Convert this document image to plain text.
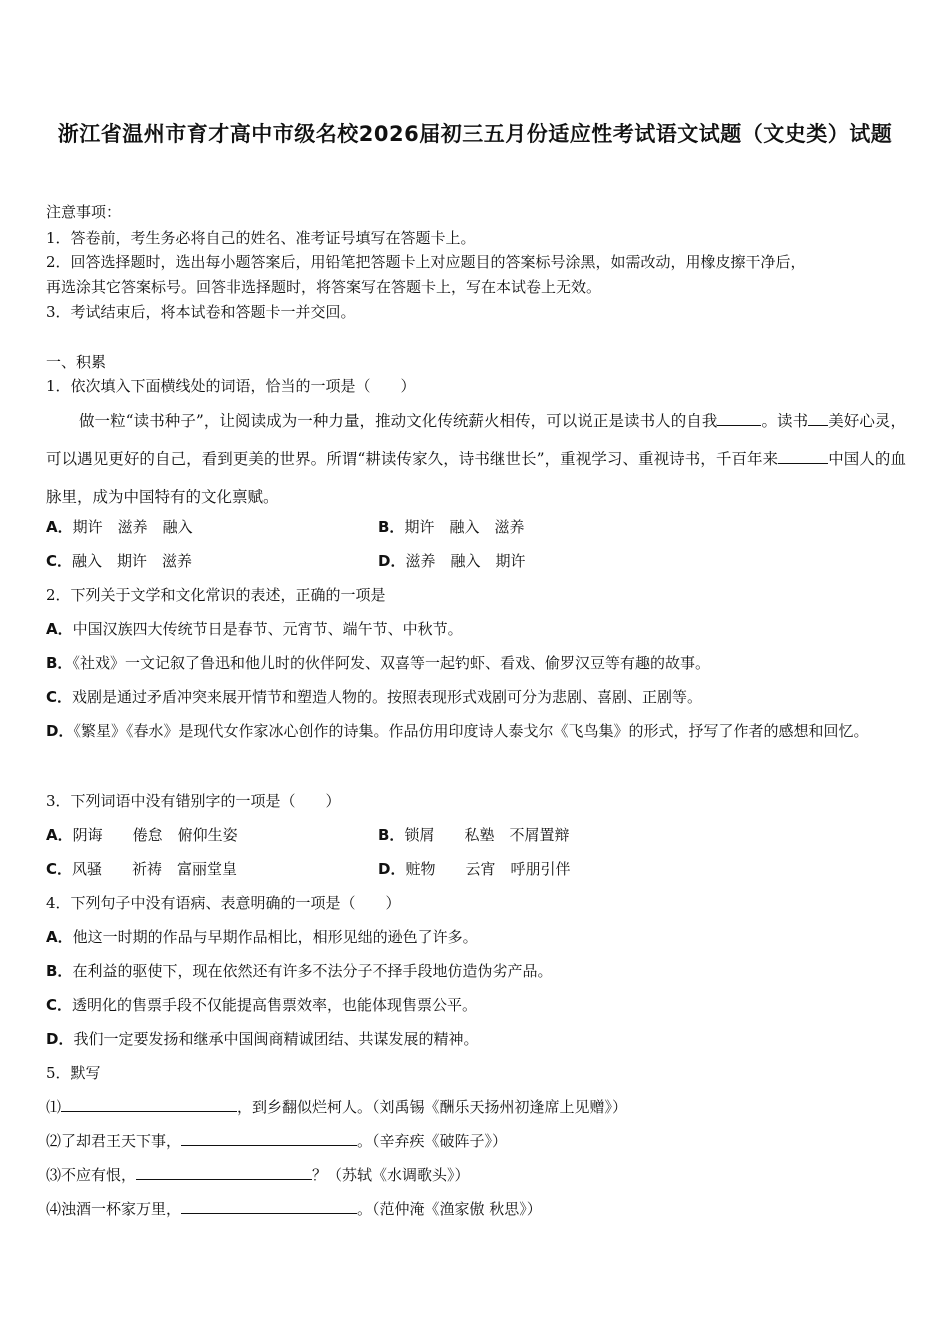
浙江省温州市育才高中市级名校2026届初三五月份适应性考试语文试题（文史类）试题
注意事项：
1．答卷前，考生务必将自己的姓名、准考证号填写在答题卡上。
2．回答选择题时，选出每小题答案后，用铅笔把答题卡上对应题目的答案标号涂黑，如需改动，用橡皮擦干净后，
再选涂其它答案标号。回答非选择题时，将答案写在答题卡上，写在本试卷上无效。
3．考试结束后，将本试卷和答题卡一并交回。
一、积累
1．依次填入下面横线处的词语，恰当的一项是（　　）
做一粒“读书种子”，让阅读成为一种力量，推动文化传统薪火相传，可以说正是读书人的自我	。读书 美好心灵，可以遇见更好的自己，看到更美的世界。所谓“耕读传家久，诗书继世长”，重视学习、重视诗书，千百年来	中国人的血脉里，成为中国特有的文化禀赋。
A．期许　滋养　融入	B．期许　融入　滋养
C．融入　期许　滋养	D．滋养　融入　期许
2．下列关于文学和文化常识的表述，正确的一项是
A．中国汉族四大传统节日是春节、元宵节、端午节、中秋节。
B．《社戏》一文记叙了鲁迅和他儿时的伙伴阿发、双喜等一起钓虾、看戏、偷罗汉豆等有趣的故事。
C．戏剧是通过矛盾冲突来展开情节和塑造人物的。按照表现形式戏剧可分为悲剧、喜剧、正剧等。
D．《繁星》《春水》是现代女作家冰心创作的诗集。作品仿用印度诗人泰戈尔《飞鸟集》的形式，抒写了作者的感想和回忆。
3．下列词语中没有错别字的一项是（　　）
A．阴诲　　倦怠　俯仰生姿	B．锁屑　　私塾　不屑置辩
C．风骚　　祈祷　富丽堂皇	D．赃物　　云宵　呼朋引伴
4．下列句子中没有语病、表意明确的一项是（　　）
A．他这一时期的作品与早期作品相比，相形见绌的逊色了许多。
B．在利益的驱使下，现在依然还有许多不法分子不择手段地仿造伪劣产品。
C．透明化的售票手段不仅能提高售票效率，也能体现售票公平。
D．我们一定要发扬和继承中国闽商精诚团结、共谋发展的精神。
5．默写
⑴	，到乡翻似烂柯人。（刘禹锡《酬乐天扬州初逢席上见赠》）
⑵了却君王天下事，	。（辛弃疾《破阵子》）
⑶不应有恨，	？（苏轼《水调歌头》）
⑷浊酒一杯家万里，	。（范仲淹《渔家傲 秋思》）
